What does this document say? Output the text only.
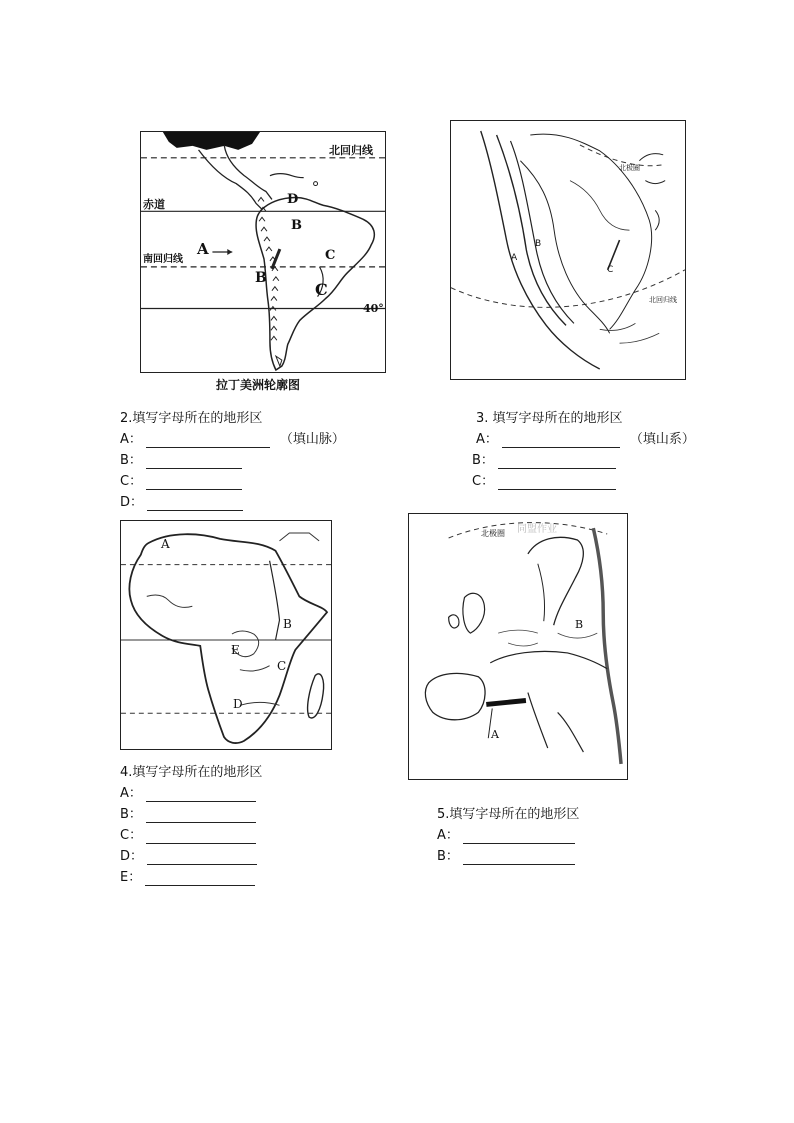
北回归线
赤道
南回归线
40°
A
B
B
C
C
D
拉丁美洲轮廓图
A
B
C
北极圈
北回归线
2.填写字母所在的地形区
A：	（填山脉）
B：
C：
D：
3. 填写字母所在的地形区
A：	（填山系）
B：
C：
A
B
C
D
E
A
B
北极圈 同盟作业
4.填写字母所在的地形区
A：
B：
C：
D：
E：
5.填写字母所在的地形区
A：
B：
